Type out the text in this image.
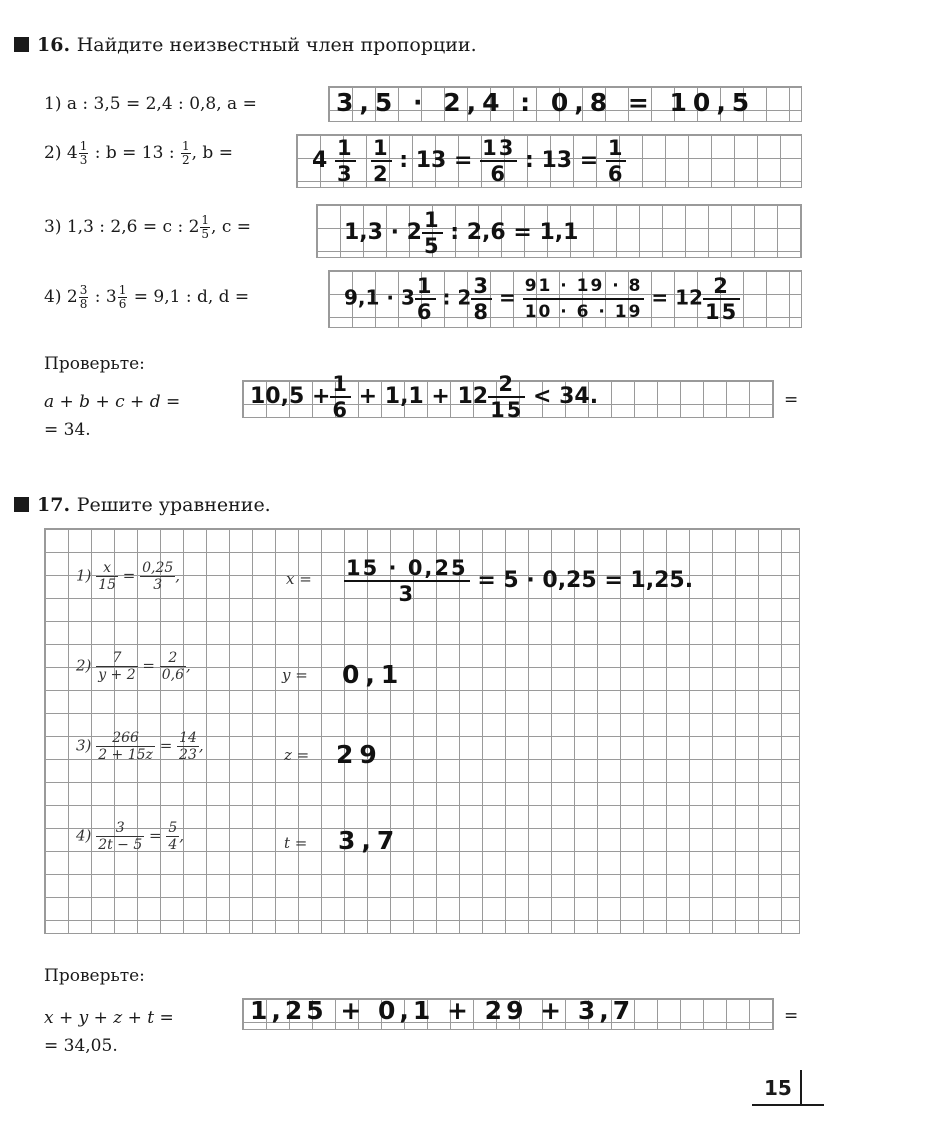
16. Найдите неизвестный член пропорции.
1) a : 3,5 = 2,4 : 0,8, a =	3,5 · 2,4 : 0,8 = 10,5
2) $4 \frac{1}{3}$ : b = 13 : $\frac{1}{2}$ , b =	$4 \frac{1}{3}$
$\frac{1}{2}$ : $13 = \frac{13}{6}$ : $13 = \frac{1}{6}$
3) 1,3 : 2,6 = c : $2 \frac{1}{5}$ , c =	$1,3 \cdot 2 \frac{1}{5}$ : 2,6 = 1,1
4) $2 \frac{3}{8}$ : $3 \frac{1}{6} = 9,1$ : d, d =	$9,1 \cdot 3 \frac{1}{6}$ : $2 \frac{3}{8} = \frac{91 \cdot 19 \cdot 8}{10 \cdot 6 \cdot 19} = 12 \frac{2}{15}$
Проверьте:
a + b + c + d =	$10,5 + \frac{1}{6} + 1,1 + 12 \frac{2}{15} < 34$.	=
= 34.
17. Решите уравнение.
$1) \frac{x}{15} = \frac{0,25}{3}$ ,	$x = \frac{15 \cdot 0,25}{3} = 5 \cdot 0,25 = 1,25$.
$2) \frac{7}{y + 2} = \frac{2}{0,6}$ ,
y = 0,1
$3) \frac{266}{2 + 15z} = \frac{14}{23}$ ,
z = 29
$4) \frac{3}{2t - 5} = \frac{5}{4}$ ,	t = 3,7
Проверьте:
x + y + z + t =	1,25 + 0,1 + 29 + 3,7	=
= 34,05.
15
